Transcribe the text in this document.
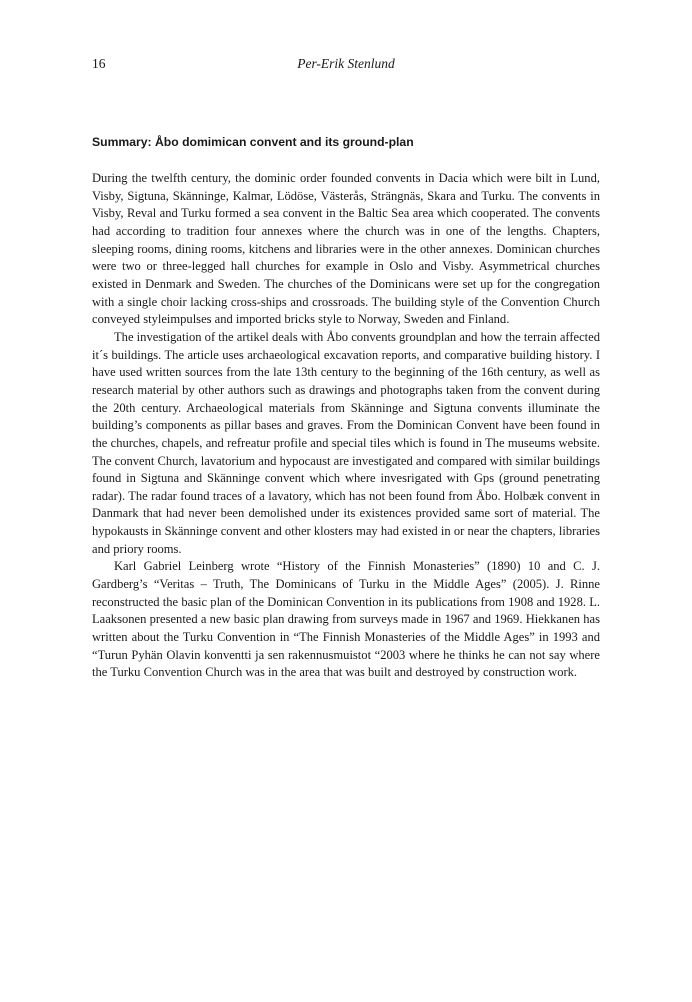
16	Per-Erik Stenlund
Summary: Åbo domimican convent and its ground-plan

During the twelfth century, the dominic order founded convents in Dacia which were bilt in Lund, Visby, Sigtuna, Skänninge, Kalmar, Lödöse, Västerås, Strängnäs, Skara and Turku. The convents in Visby, Reval and Turku formed a sea convent in the Baltic Sea area which cooperated. The convents had according to tradition four annexes where the church was in one of the lengths. Chapters, sleeping rooms, dining rooms, kitchens and libraries were in the other annexes. Dominican churches were two or three-legged hall churches for example in Oslo and Visby. Asymmetrical churches existed in Denmark and Sweden. The churches of the Dominicans were set up for the congregation with a single choir lacking cross-ships and crossroads. The building style of the Convention Church conveyed styleimpulses and imported bricks style to Norway, Sweden and Finland.

The investigation of the artikel deals with Åbo convents groundplan and how the terrain affected it´s buildings. The article uses archaeological excavation reports, and comparative building history. I have used written sources from the late 13th century to the beginning of the 16th century, as well as research material by other authors such as drawings and photographs taken from the convent during the 20th century. Archaeological materials from Skänninge and Sigtuna convents illuminate the building’s components as pillar bases and graves. From the Dominican Convent have been found in the churches, chapels, and refreatur profile and special tiles which is found in The museums website. The convent Church, lavatorium and hypocaust are investigated and compared with similar buildings found in Sigtuna and Skänninge convent which where invesrigated with Gps (ground penetrating radar). The radar found traces of a lavatory, which has not been found from Åbo. Holbæk convent in Danmark that had never been demolished under its existences provided same sort of material. The hypokausts in Skänninge convent and other klosters may had existed in or near the chapters, libraries and priory rooms.

Karl Gabriel Leinberg wrote “History of the Finnish Monasteries” (1890) 10 and C. J. Gardberg’s “Veritas – Truth, The Dominicans of Turku in the Middle Ages” (2005). J. Rinne reconstructed the basic plan of the Dominican Convention in its publications from 1908 and 1928. L. Laaksonen presented a new basic plan drawing from surveys made in 1967 and 1969. Hiekkanen has written about the Turku Convention in “The Finnish Monasteries of the Middle Ages” in 1993 and “Turun Pyhän Olavin konventti ja sen rakennusmuistot “2003 where he thinks he can not say where the Turku Convention Church was in the area that was built and destroyed by construction work.
